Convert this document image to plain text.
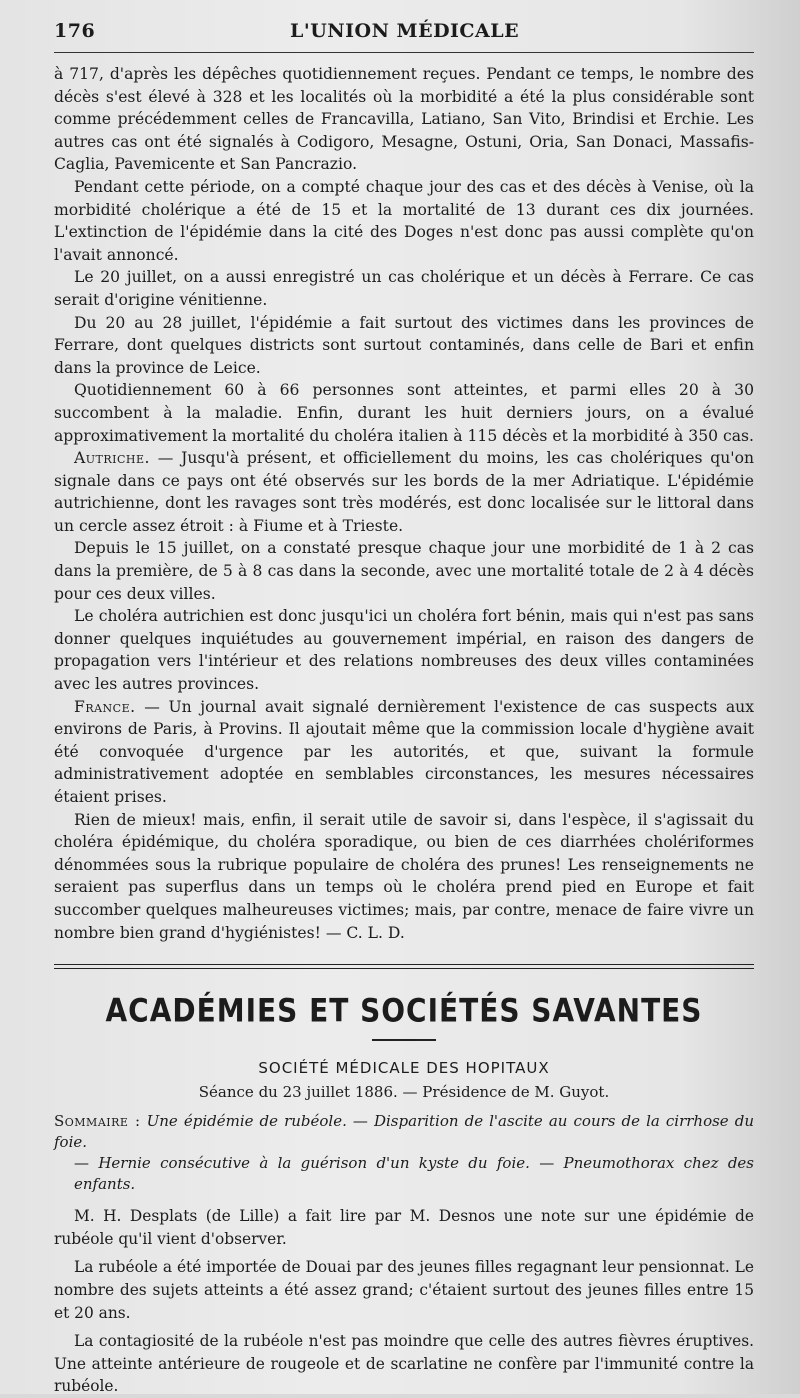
176	L'UNION MÉDICALE

à 717, d'après les dépêches quotidiennement reçues. Pendant ce temps, le nombre des décès s'est élevé à 328 et les localités où la morbidité a été la plus considérable sont comme précédemment celles de Francavilla, Latiano, San Vito, Brindisi et Erchie. Les autres cas ont été signalés à Codigoro, Mesagne, Ostuni, Oria, San Donaci, Massafis-Caglia, Pavemicente et San Pancrazio.

Pendant cette période, on a compté chaque jour des cas et des décès à Venise, où la morbidité cholérique a été de 15 et la mortalité de 13 durant ces dix journées. L'extinction de l'épidémie dans la cité des Doges n'est donc pas aussi complète qu'on l'avait annoncé.

Le 20 juillet, on a aussi enregistré un cas cholérique et un décès à Ferrare. Ce cas serait d'origine vénitienne.

Du 20 au 28 juillet, l'épidémie a fait surtout des victimes dans les provinces de Ferrare, dont quelques districts sont surtout contaminés, dans celle de Bari et enfin dans la province de Leice.

Quotidiennement 60 à 66 personnes sont atteintes, et parmi elles 20 à 30 succombent à la maladie. Enfin, durant les huit derniers jours, on a évalué approximativement la mortalité du choléra italien à 115 décès et la morbidité à 350 cas.

Autriche. — Jusqu'à présent, et officiellement du moins, les cas cholériques qu'on signale dans ce pays ont été observés sur les bords de la mer Adriatique. L'épidémie autrichienne, dont les ravages sont très modérés, est donc localisée sur le littoral dans un cercle assez étroit : à Fiume et à Trieste.

Depuis le 15 juillet, on a constaté presque chaque jour une morbidité de 1 à 2 cas dans la première, de 5 à 8 cas dans la seconde, avec une mortalité totale de 2 à 4 décès pour ces deux villes.

Le choléra autrichien est donc jusqu'ici un choléra fort bénin, mais qui n'est pas sans donner quelques inquiétudes au gouvernement impérial, en raison des dangers de propagation vers l'intérieur et des relations nombreuses des deux villes contaminées avec les autres provinces.

France. — Un journal avait signalé dernièrement l'existence de cas suspects aux environs de Paris, à Provins. Il ajoutait même que la commission locale d'hygiène avait été convoquée d'urgence par les autorités, et que, suivant la formule administrativement adoptée en semblables circonstances, les mesures nécessaires étaient prises.

Rien de mieux! mais, enfin, il serait utile de savoir si, dans l'espèce, il s'agissait du choléra épidémique, du choléra sporadique, ou bien de ces diarrhées cholériformes dénommées sous la rubrique populaire de choléra des prunes! Les renseignements ne seraient pas superflus dans un temps où le choléra prend pied en Europe et fait succomber quelques malheureuses victimes; mais, par contre, menace de faire vivre un nombre bien grand d'hygiénistes! — C. L. D.

ACADÉMIES ET SOCIÉTÉS SAVANTES
SOCIÉTÉ MÉDICALE DES HOPITAUX
Séance du 23 juillet 1886. — Présidence de M. Guyot.

Sommaire : Une épidémie de rubéole. — Disparition de l'ascite au cours de la cirrhose du foie.
— Hernie consécutive à la guérison d'un kyste du foie. — Pneumothorax chez des enfants.

M. H. Desplats (de Lille) a fait lire par M. Desnos une note sur une épidémie de rubéole qu'il vient d'observer.

La rubéole a été importée de Douai par des jeunes filles regagnant leur pensionnat. Le nombre des sujets atteints a été assez grand; c'étaient surtout des jeunes filles entre 15 et 20 ans.

La contagiosité de la rubéole n'est pas moindre que celle des autres fièvres éruptives. Une atteinte antérieure de rougeole et de scarlatine ne confère par l'immunité contre la rubéole.
